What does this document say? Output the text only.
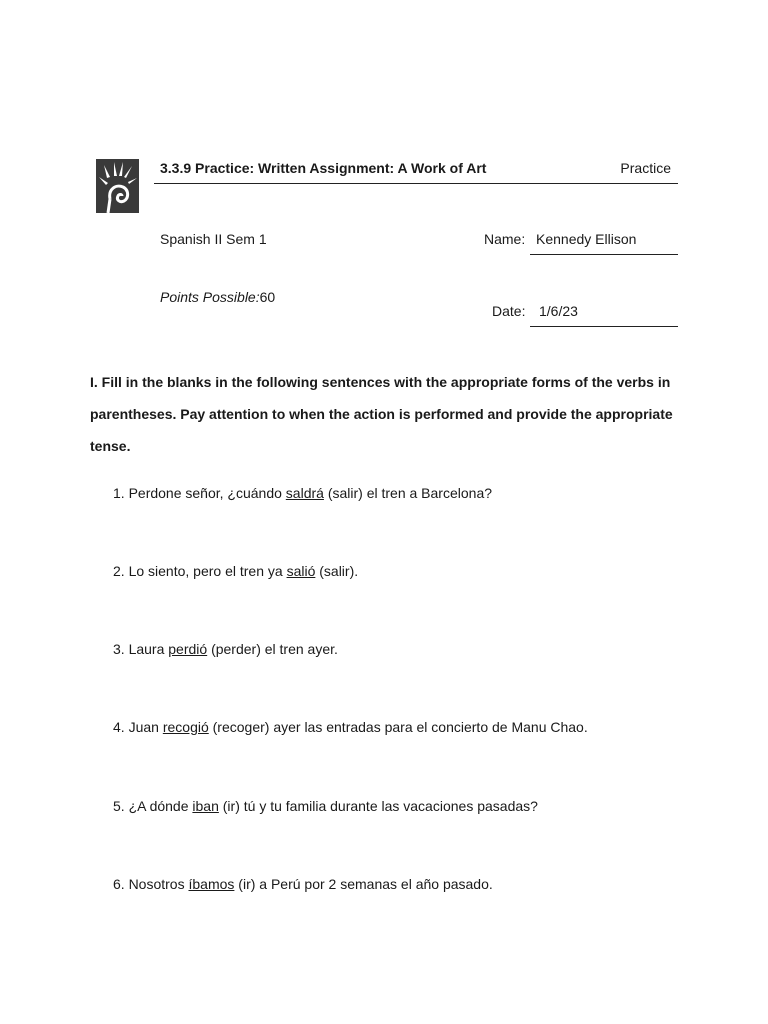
3.3.9 Practice: Written Assignment: A Work of Art	Practice
Spanish II Sem 1	Name: Kennedy Ellison
Points Possible:60
Date: 1/6/23
I. Fill in the blanks in the following sentences with the appropriate forms of the verbs in
parentheses. Pay attention to when the action is performed and provide the appropriate tense.
1. Perdone señor, ¿cuándo saldrá (salir) el tren a Barcelona?
2. Lo siento, pero el tren ya salió (salir).
3. Laura perdió (perder) el tren ayer.
4. Juan recogió (recoger) ayer las entradas para el concierto de Manu Chao.
5. ¿A dónde iban (ir) tú y tu familia durante las vacaciones pasadas?
6. Nosotros íbamos (ir) a Perú por 2 semanas el año pasado.
